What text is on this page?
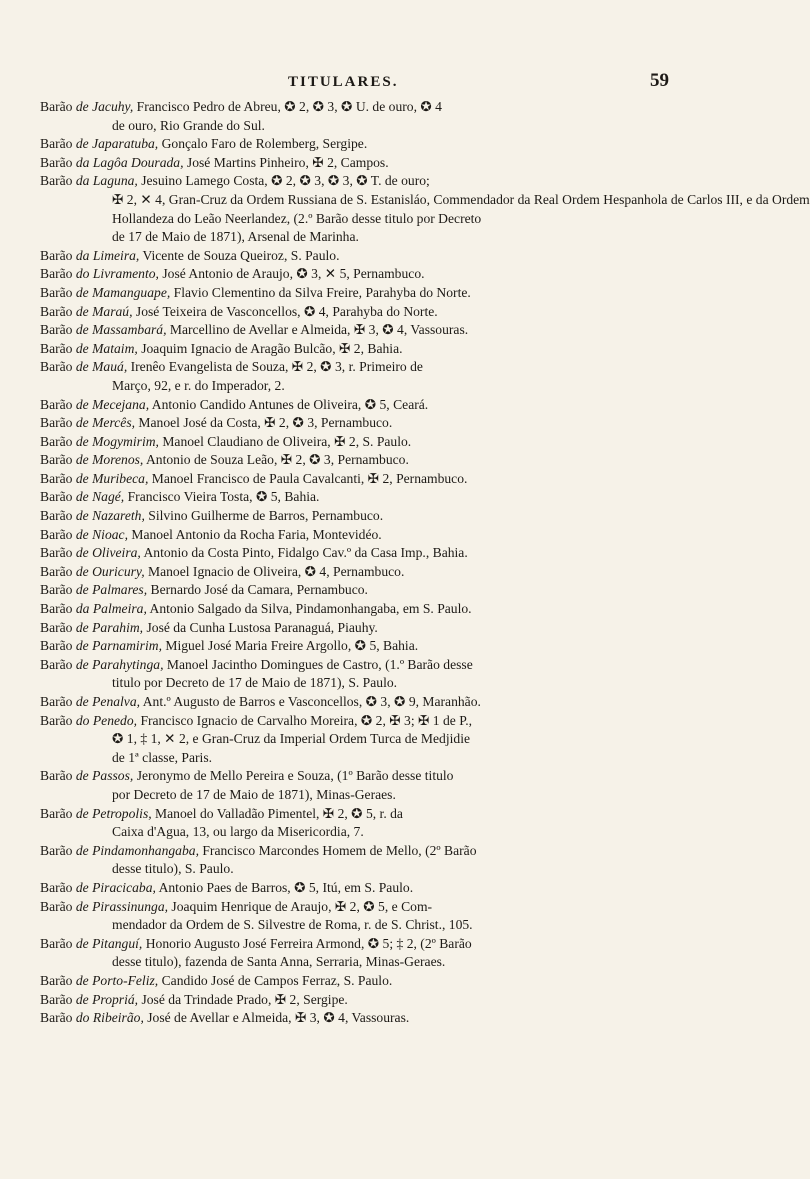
TITULARES.	59
Barão de Jacuhy, Francisco Pedro de Abreu, ✪ 2, ✪ 3, ✪ U. de ouro, ✪ 4
de ouro, Rio Grande do Sul.
Barão de Japaratuba, Gonçalo Faro de Rolemberg, Sergipe.
Barão da Lagôa Dourada, José Martins Pinheiro, ✠ 2, Campos.
Barão da Laguna, Jesuino Lamego Costa, ✪ 2, ✪ 3, ✪ 3, ✪ T. de ouro;
✠ 2, ✕ 4, Gran-Cruz da Ordem Russiana de S. Estanisláo, Commendador da Real Ordem Hespanhola de Carlos III, e da Ordem
Hollandeza do Leão Neerlandez, (2.º Barão desse titulo por Decreto
de 17 de Maio de 1871), Arsenal de Marinha.
Barão da Limeira, Vicente de Souza Queiroz, S. Paulo.
Barão do Livramento, José Antonio de Araujo, ✪ 3, ✕ 5, Pernambuco.
Barão de Mamanguape, Flavio Clementino da Silva Freire, Parahyba do Norte.
Barão de Maraú, José Teixeira de Vasconcellos, ✪ 4, Parahyba do Norte.
Barão de Massambará, Marcellino de Avellar e Almeida, ✠ 3, ✪ 4, Vassouras.
Barão de Mataim, Joaquim Ignacio de Aragão Bulcão, ✠ 2, Bahia.
Barão de Mauá, Irenêo Evangelista de Souza, ✠ 2, ✪ 3, r. Primeiro de
Março, 92, e r. do Imperador, 2.
Barão de Mecejana, Antonio Candido Antunes de Oliveira, ✪ 5, Ceará.
Barão de Mercês, Manoel José da Costa, ✠ 2, ✪ 3, Pernambuco.
Barão de Mogymirim, Manoel Claudiano de Oliveira, ✠ 2, S. Paulo.
Barão de Morenos, Antonio de Souza Leão, ✠ 2, ✪ 3, Pernambuco.
Barão de Muribeca, Manoel Francisco de Paula Cavalcanti, ✠ 2, Pernambuco.
Barão de Nagé, Francisco Vieira Tosta, ✪ 5, Bahia.
Barão de Nazareth, Silvino Guilherme de Barros, Pernambuco.
Barão de Nioac, Manoel Antonio da Rocha Faria, Montevidéo.
Barão de Oliveira, Antonio da Costa Pinto, Fidalgo Cav.º da Casa Imp., Bahia.
Barão de Ouricury, Manoel Ignacio de Oliveira, ✪ 4, Pernambuco.
Barão de Palmares, Bernardo José da Camara, Pernambuco.
Barão da Palmeira, Antonio Salgado da Silva, Pindamonhangaba, em S. Paulo.
Barão de Parahim, José da Cunha Lustosa Paranaguá, Piauhy.
Barão de Parnamirim, Miguel José Maria Freire Argollo, ✪ 5, Bahia.
Barão de Parahytinga, Manoel Jacintho Domingues de Castro, (1.º Barão desse
titulo por Decreto de 17 de Maio de 1871), S. Paulo.
Barão de Penalva, Ant.º Augusto de Barros e Vasconcellos, ✪ 3, ✪ 9, Maranhão.
Barão do Penedo, Francisco Ignacio de Carvalho Moreira, ✪ 2, ✠ 3; ✠ 1 de P.,
✪ 1, ‡ 1, ✕ 2, e Gran-Cruz da Imperial Ordem Turca de Medjidie
de 1ª classe, Paris.
Barão de Passos, Jeronymo de Mello Pereira e Souza, (1º Barão desse titulo
por Decreto de 17 de Maio de 1871), Minas-Geraes.
Barão de Petropolis, Manoel do Valladão Pimentel, ✠ 2, ✪ 5, r. da
Caixa d'Agua, 13, ou largo da Misericordia, 7.
Barão de Pindamonhangaba, Francisco Marcondes Homem de Mello, (2º Barão
desse titulo), S. Paulo.
Barão de Piracicaba, Antonio Paes de Barros, ✪ 5, Itú, em S. Paulo.
Barão de Pirassinunga, Joaquim Henrique de Araujo, ✠ 2, ✪ 5, e Com-
mendador da Ordem de S. Silvestre de Roma, r. de S. Christ., 105.
Barão de Pitanguí, Honorio Augusto José Ferreira Armond, ✪ 5; ‡ 2, (2º Barão
desse titulo), fazenda de Santa Anna, Serraria, Minas-Geraes.
Barão de Porto-Feliz, Candido José de Campos Ferraz, S. Paulo.
Barão de Propriá, José da Trindade Prado, ✠ 2, Sergipe.
Barão do Ribeirão, José de Avellar e Almeida, ✠ 3, ✪ 4, Vassouras.
